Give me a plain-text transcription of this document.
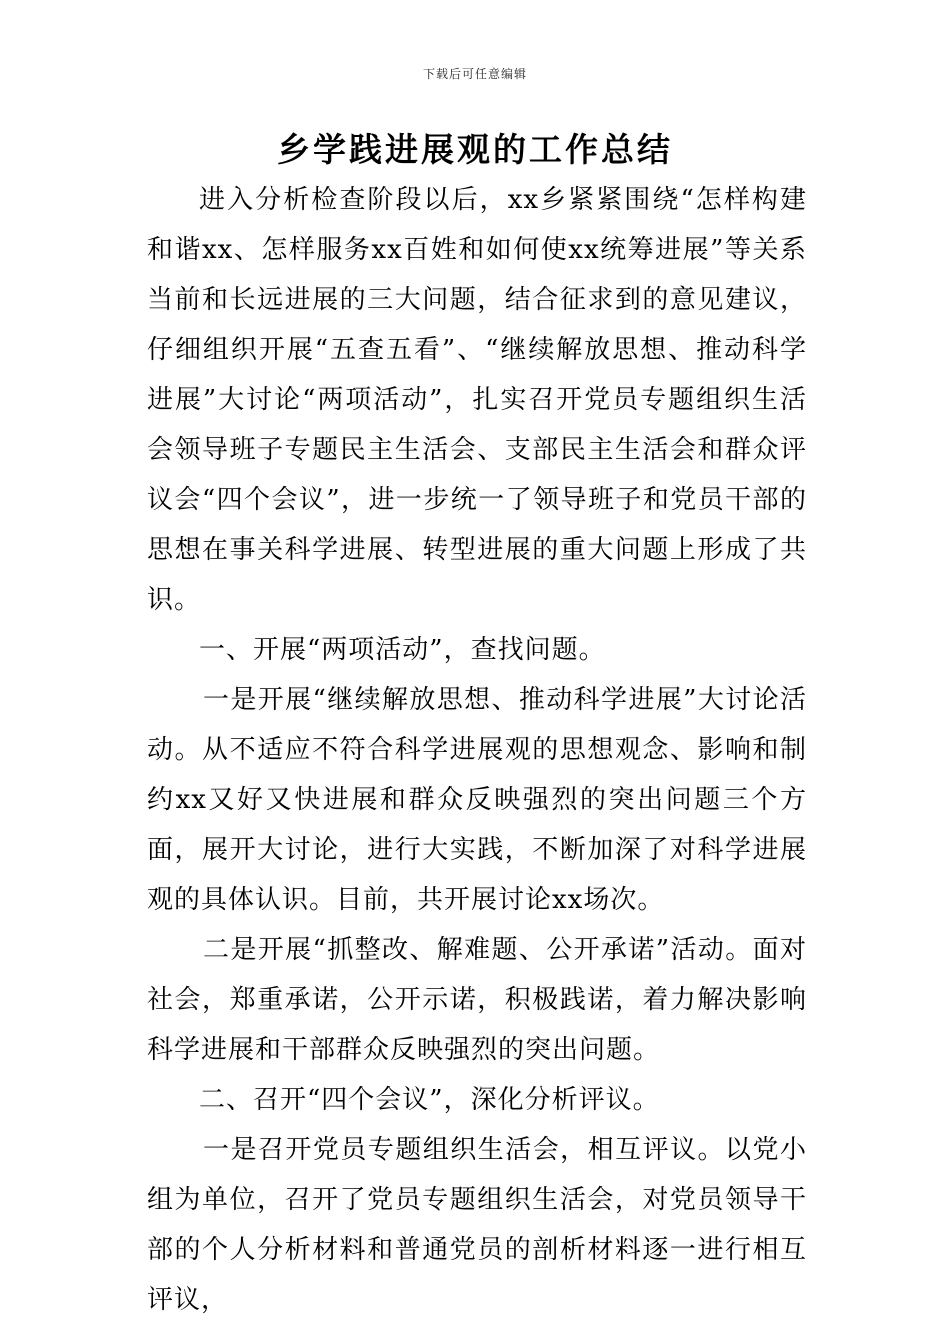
下载后可任意编辑
乡学践进展观的工作总结

进入分析检查阶段以后，xx乡紧紧围绕“怎样构建和谐xx、怎样服务xx百姓和如何使xx统筹进展”等关系当前和长远进展的三大问题，结合征求到的意见建议，仔细组织开展“五查五看”、“继续解放思想、推动科学进展”大讨论“两项活动”，扎实召开党员专题组织生活会领导班子专题民主生活会、支部民主生活会和群众评议会“四个会议”，进一步统一了领导班子和党员干部的思想在事关科学进展、转型进展的重大问题上形成了共识。

一、开展“两项活动”，查找问题。

一是开展“继续解放思想、推动科学进展”大讨论活动。从不适应不符合科学进展观的思想观念、影响和制约xx又好又快进展和群众反映强烈的突出问题三个方面，展开大讨论，进行大实践，不断加深了对科学进展观的具体认识。目前，共开展讨论xx场次。

二是开展“抓整改、解难题、公开承诺”活动。面对社会，郑重承诺，公开示诺，积极践诺，着力解决影响科学进展和干部群众反映强烈的突出问题。

二、召开“四个会议”，深化分析评议。

一是召开党员专题组织生活会，相互评议。以党小组为单位，召开了党员专题组织生活会，对党员领导干部的个人分析材料和普通党员的剖析材料逐一进行相互评议，
